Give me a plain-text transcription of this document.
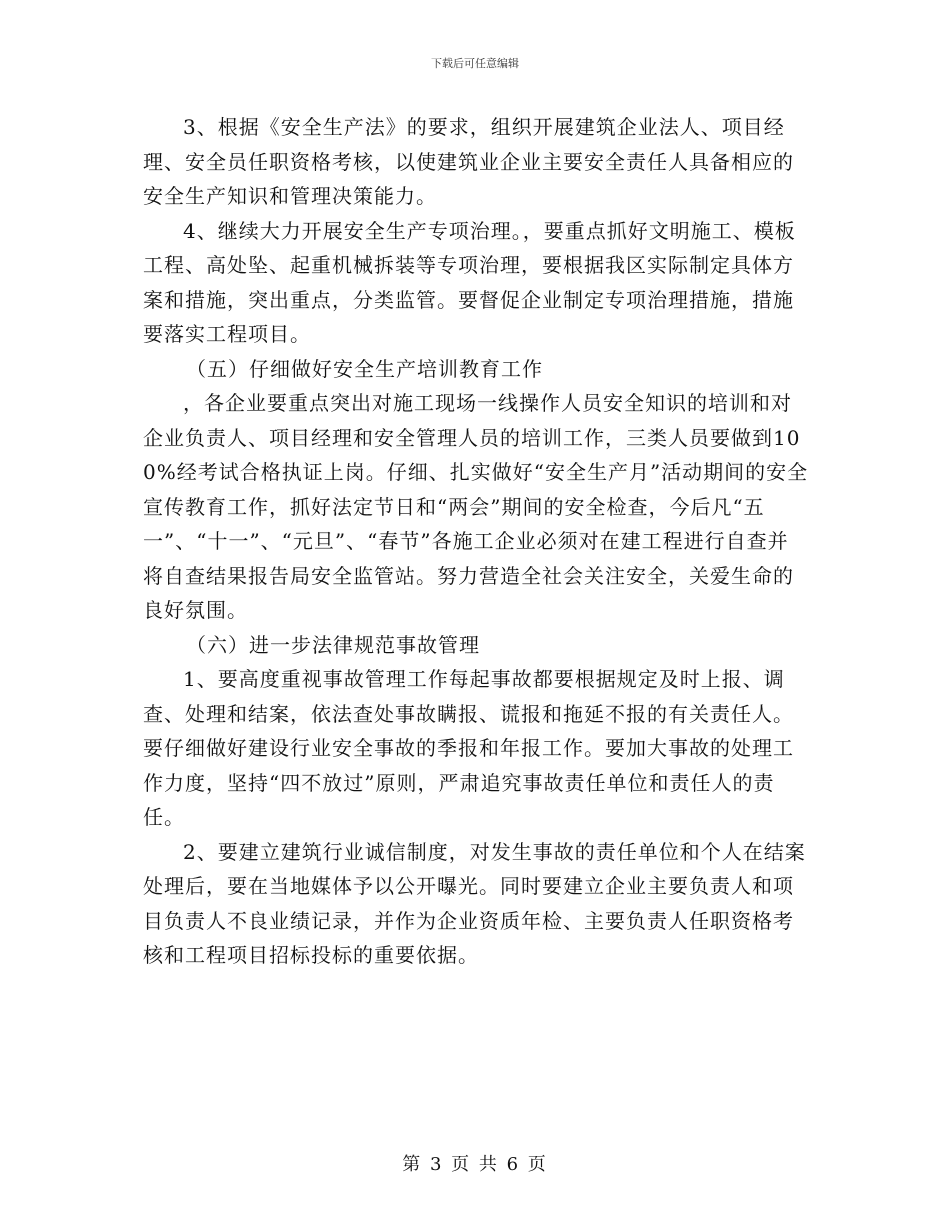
下载后可任意编辑

3、根据《安全生产法》的要求，组织开展建筑企业法人、项目经理、安全员任职资格考核，以使建筑业企业主要安全责任人具备相应的安全生产知识和管理决策能力。

4、继续大力开展安全生产专项治理。，要重点抓好文明施工、模板工程、高处坠、起重机械拆装等专项治理，要根据我区实际制定具体方案和措施，突出重点，分类监管。要督促企业制定专项治理措施，措施要落实工程项目。

（五）仔细做好安全生产培训教育工作

，各企业要重点突出对施工现场一线操作人员安全知识的培训和对企业负责人、项目经理和安全管理人员的培训工作，三类人员要做到100%经考试合格执证上岗。仔细、扎实做好“安全生产月”活动期间的安全宣传教育工作，抓好法定节日和“两会”期间的安全检查，今后凡“五一”、“十一”、“元旦”、“春节”各施工企业必须对在建工程进行自查并将自查结果报告局安全监管站。努力营造全社会关注安全，关爱生命的良好氛围。

（六）进一步法律规范事故管理

1、要高度重视事故管理工作每起事故都要根据规定及时上报、调查、处理和结案，依法查处事故瞒报、谎报和拖延不报的有关责任人。要仔细做好建设行业安全事故的季报和年报工作。要加大事故的处理工作力度，坚持“四不放过”原则，严肃追究事故责任单位和责任人的责任。

2、要建立建筑行业诚信制度，对发生事故的责任单位和个人在结案处理后，要在当地媒体予以公开曝光。同时要建立企业主要负责人和项目负责人不良业绩记录，并作为企业资质年检、主要负责人任职资格考核和工程项目招标投标的重要依据。

第 3 页 共 6 页
